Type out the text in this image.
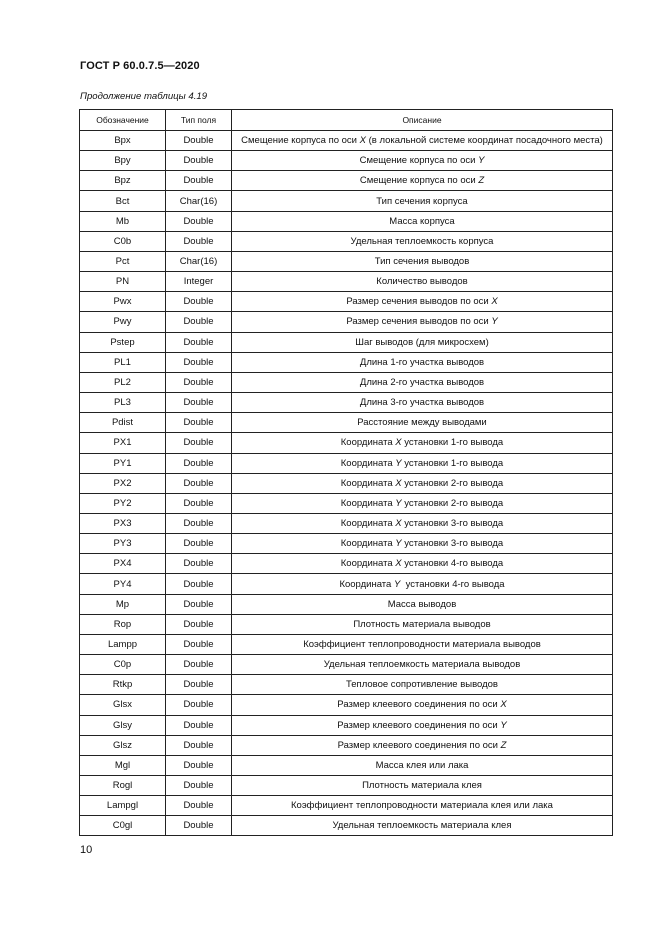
ГОСТ Р 60.0.7.5—2020
Продолжение таблицы 4.19
Обозначение	Тип поля	Описание
Bpx	Double	Смещение корпуса по оси X (в локальной системе координат посадочного места)
Bpy	Double	Смещение корпуса по оси Y
Bpz	Double	Смещение корпуса по оси Z
Bct	Char(16)	Тип сечения корпуса
Mb	Double	Масса корпуса
C0b	Double	Удельная теплоемкость корпуса
Pct	Char(16)	Тип сечения выводов
PN	Integer	Количество выводов
Pwx	Double	Размер сечения выводов по оси X
Pwy	Double	Размер сечения выводов по оси Y
Pstep	Double	Шаг выводов (для микросхем)
PL1	Double	Длина 1-го участка выводов
PL2	Double	Длина 2-го участка выводов
PL3	Double	Длина 3-го участка выводов
Pdist	Double	Расстояние между выводами
PX1	Double	Координата X установки 1-го вывода
PY1	Double	Координата Y установки 1-го вывода
PX2	Double	Координата X установки 2-го вывода
PY2	Double	Координата Y установки 2-го вывода
PX3	Double	Координата X установки 3-го вывода
PY3	Double	Координата Y установки 3-го вывода
PX4	Double	Координата X установки 4-го вывода
PY4	Double	Координата Y  установки 4-го вывода
Mp	Double	Масса выводов
Rop	Double	Плотность материала выводов
Lampp	Double	Коэффициент теплопроводности материала выводов
C0p	Double	Удельная теплоемкость материала выводов
Rtkp	Double	Тепловое сопротивление выводов
Glsx	Double	Размер клеевого соединения по оси X
Glsy	Double	Размер клеевого соединения по оси Y
Glsz	Double	Размер клеевого соединения по оси Z
Mgl	Double	Масса клея или лака
Rogl	Double	Плотность материала клея
Lampgl	Double	Коэффициент теплопроводности материала клея или лака
C0gl	Double	Удельная теплоемкость материала клея
10
